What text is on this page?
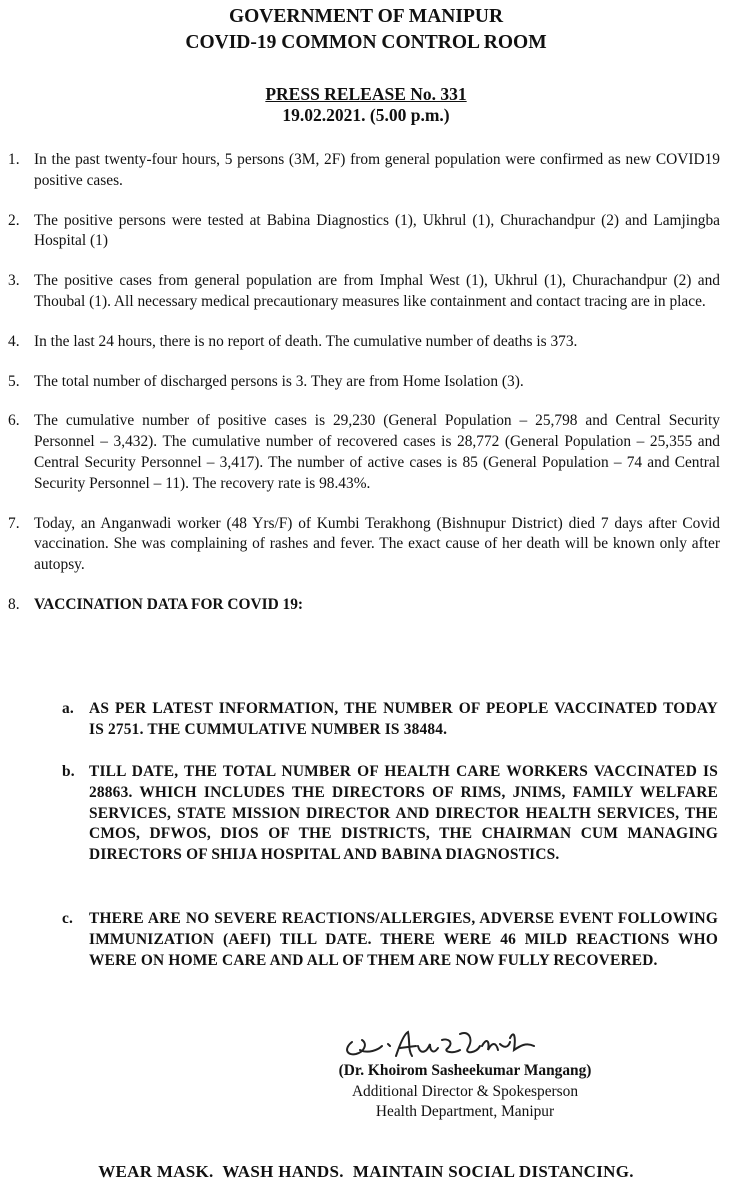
GOVERNMENT OF MANIPUR
COVID-19 COMMON CONTROL ROOM
PRESS RELEASE No. 331
19.02.2021. (5.00 p.m.)
1. In the past twenty-four hours, 5 persons (3M, 2F) from general population were confirmed as new COVID19 positive cases.
2. The positive persons were tested at Babina Diagnostics (1), Ukhrul (1), Churachandpur (2) and Lamjingba Hospital (1)
3. The positive cases from general population are from Imphal West (1), Ukhrul (1), Churachandpur (2) and Thoubal (1). All necessary medical precautionary measures like containment and contact tracing are in place.
4. In the last 24 hours, there is no report of death. The cumulative number of deaths is 373.
5. The total number of discharged persons is 3. They are from Home Isolation (3).
6. The cumulative number of positive cases is 29,230 (General Population – 25,798 and Central Security Personnel – 3,432). The cumulative number of recovered cases is 28,772 (General Population – 25,355 and Central Security Personnel – 3,417). The number of active cases is 85 (General Population – 74 and Central Security Personnel – 11). The recovery rate is 98.43%.
7. Today, an Anganwadi worker (48 Yrs/F) of Kumbi Terakhong (Bishnupur District) died 7 days after Covid vaccination. She was complaining of rashes and fever. The exact cause of her death will be known only after autopsy.
8. VACCINATION DATA FOR COVID 19:
a. AS PER LATEST INFORMATION, THE NUMBER OF PEOPLE VACCINATED TODAY IS 2751. THE CUMMULATIVE NUMBER IS 38484.
b. TILL DATE, THE TOTAL NUMBER OF HEALTH CARE WORKERS VACCINATED IS 28863. WHICH INCLUDES THE DIRECTORS OF RIMS, JNIMS, FAMILY WELFARE SERVICES, STATE MISSION DIRECTOR AND DIRECTOR HEALTH SERVICES, THE CMOS, DFWOS, DIOS OF THE DISTRICTS, THE CHAIRMAN CUM MANAGING DIRECTORS OF SHIJA HOSPITAL AND BABINA DIAGNOSTICS.
c.	THERE ARE NO SEVERE REACTIONS/ALLERGIES, ADVERSE EVENT FOLLOWING IMMUNIZATION (AEFI) TILL DATE. THERE WERE 46 MILD REACTIONS WHO WERE ON HOME CARE AND ALL OF THEM ARE NOW FULLY RECOVERED.
(Dr. Khoirom Sasheekumar Mangang)
Additional Director & Spokesperson
Health Department, Manipur
WEAR MASK.  WASH HANDS.  MAINTAIN SOCIAL DISTANCING.
